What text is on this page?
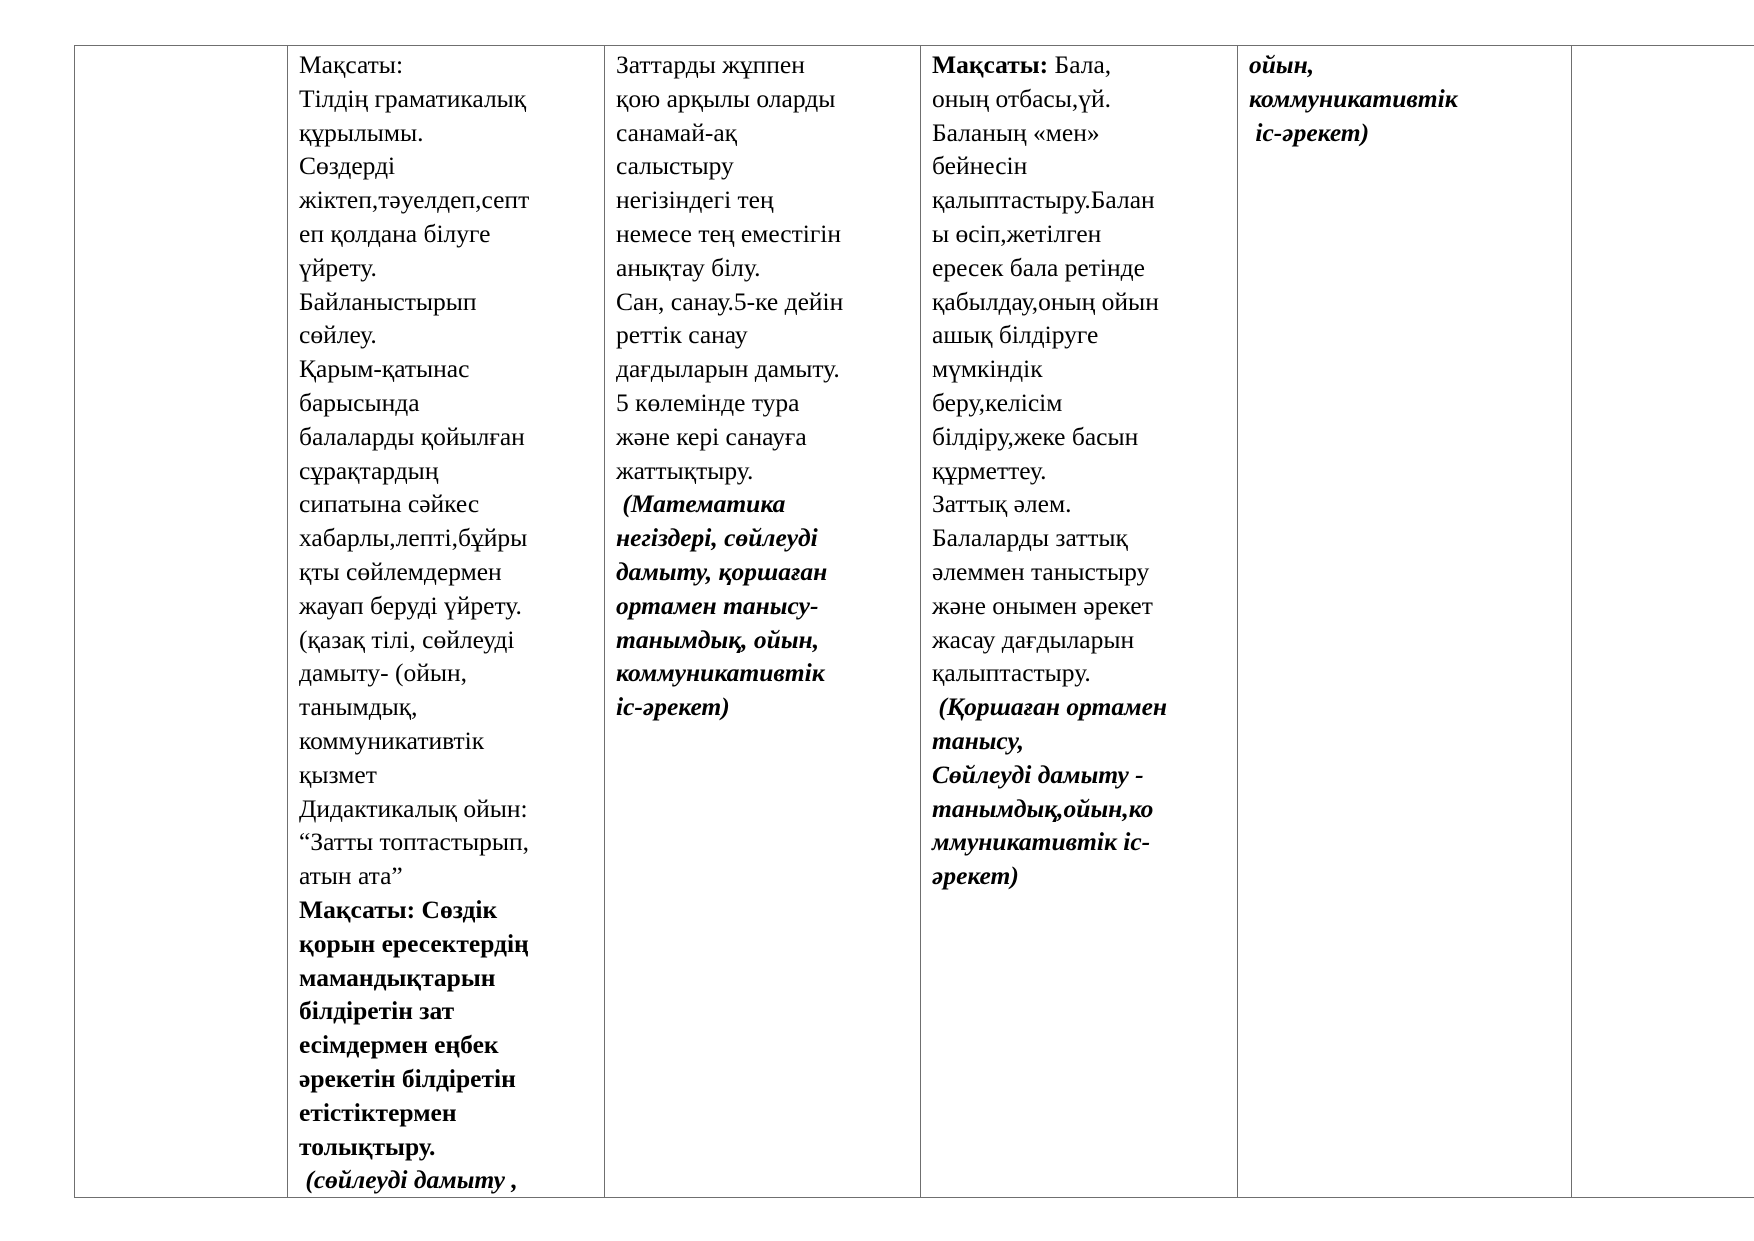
Мақсаты:
Тілдің граматикалық
құрылымы.
Сөздерді
жіктеп,тәуелдеп,септ
еп қолдана білуге
үйрету.
Байланыстырып
сөйлеу.
Қарым-қатынас
барысында
балаларды қойылған
сұрақтардың
сипатына сәйкес
хабарлы,лепті,бұйры
қты сөйлемдермен
жауап беруді үйрету.
(қазақ тілі, сөйлеуді
дамыту- (ойын,
танымдық,
коммуникативтік
қызмет
Дидактикалық ойын:
“Затты топтастырып,
атын ата”
Мақсаты: Сөздік
қорын ересектердің
мамандықтарын
білдіретін зат
есімдермен еңбек
әрекетін білдіретін
етістіктермен
толықтыру.
(сөйлеуді дамыту ,

Заттарды жұппен
қою арқылы оларды
санамай-ақ
салыстыру
негізіндегі тең
немесе тең еместігін
анықтау білу.
Сан, санау.5-ке дейін
реттік санау
дағдыларын дамыту.
5 көлемінде тура
және кері санауға
жаттықтыру.
(Математика
негіздері, сөйлеуді
дамыту, қоршаған
ортамен танысу-
танымдық, ойын,
коммуникативтік
іс-әрекет)

Мақсаты: Бала,
оның отбасы,үй.
Баланың «мен»
бейнесін
қалыптастыру.Балан
ы өсіп,жетілген
ересек бала ретінде
қабылдау,оның ойын
ашық білдіруге
мүмкіндік
беру,келісім
білдіру,жеке басын
құрметтеу.
Заттық әлем.
Балаларды заттық
әлеммен таныстыру
және онымен әрекет
жасау дағдыларын
қалыптастыру.
(Қоршаған ортамен
танысу,
Сөйлеуді дамыту -
танымдық,ойын,ко
ммуникативтік іс-
әрекет)

ойын,
коммуникативтік
іс-әрекет)
